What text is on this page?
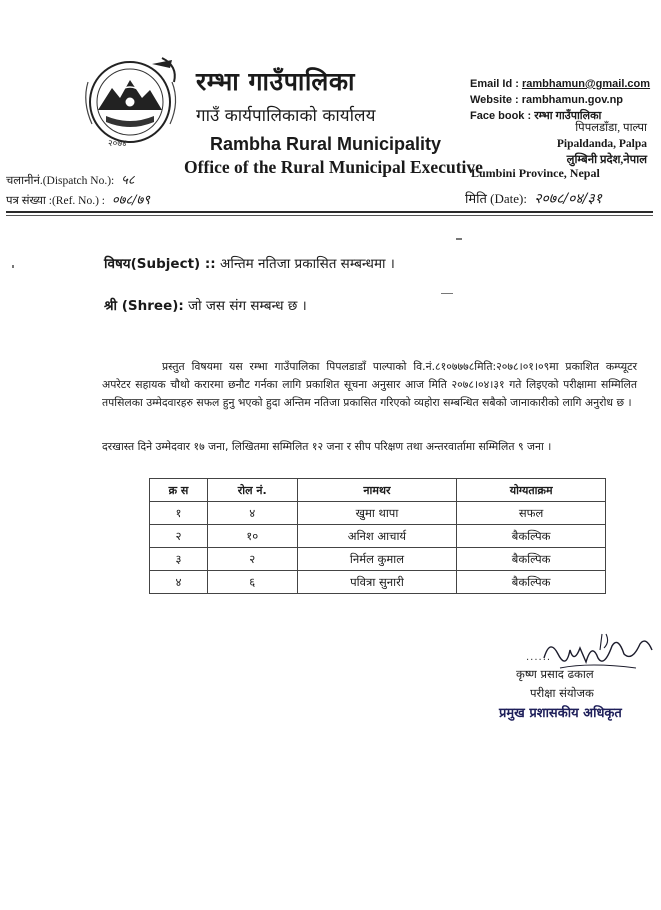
२०७४
रम्भा गाउँपालिका
गाउँ कार्यपालिकाको कार्यालय
Rambha Rural Municipality
Office of the Rural Municipal Executive
Email Id : rambhamun@gmail.com
Website : rambhamun.gov.np
Face book : रम्भा गाउँपालिका
पिपलडाँडा, पाल्पा
Pipaldanda, Palpa
लुम्बिनी प्रदेश,नेपाल
Lumbini Province, Nepal
चलानीनं.(Dispatch No.): ५८
पत्र संख्या :(Ref. No.) : ०७८/७९	मिति (Date): २०७८/०४/३१
विषय(Subject) :: अन्तिम नतिजा प्रकासित सम्बन्धमा ।
श्री (Shree): जो जस संग सम्बन्ध छ ।
प्रस्तुत विषयमा यस रम्भा गाउँपालिका पिपलडाडाँ पाल्पाको वि.नं.८१०७७७८मिति:२०७८।०१।०९मा प्रकाशित कम्प्यूटर अपरेटर सहायक चौथो करारमा छनौट गर्नका लागि प्रकाशित सूचना अनुसार आज मिति २०७८।०४।३१ गते लिइएको परीक्षामा सम्मिलित तपसिलका उम्मेदवारहरु सफल हुनु भएको हुदा अन्तिम नतिजा प्रकासित गरिएको व्यहोरा सम्बन्धित सबैको जानाकारीको लागि अनुरोध छ ।
दरखास्त दिने उम्मेदवार १७ जना, लिखितमा सम्मिलित १२ जना र सीप परिक्षण तथा अन्तरवार्तामा सम्मिलित ९ जना ।
क्र स	रोल नं.	नामथर	योग्यताक्रम
१	४	खुमा थापा	सफल
२	१०	अनिश आचार्य	बैकल्पिक
३	२	निर्मल कुमाल	बैकल्पिक
४	६	पवित्रा सुनारी	बैकल्पिक
......
कृष्ण प्रसाद ढकाल
परीक्षा संयोजक
प्रमुख प्रशासकीय अधिकृत
